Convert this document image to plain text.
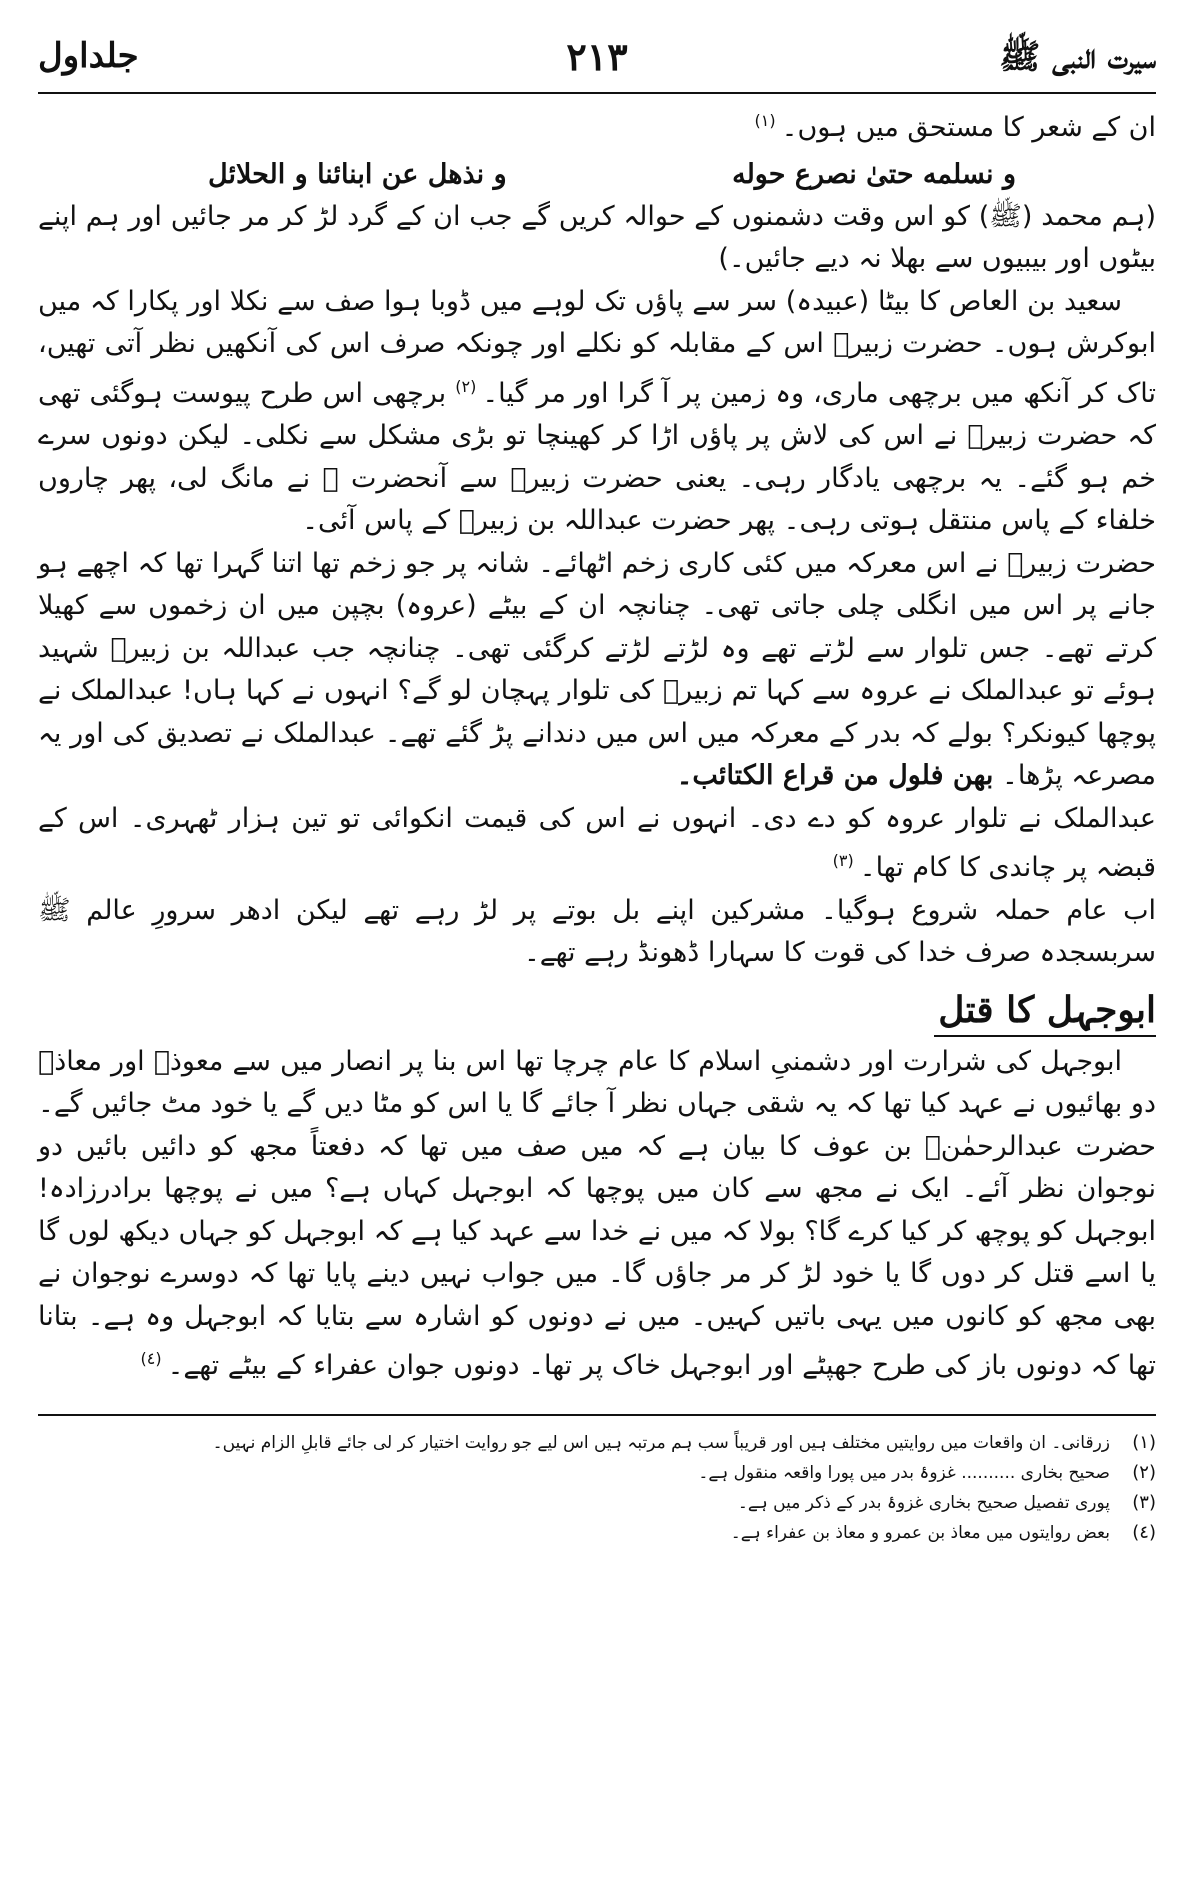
سیرت النبی ﷺ
٢١٣
جلداول

ان کے شعر کا مستحق میں ہوں۔$^{(١)}$

و نسلمه حتیٰ نصرع حوله
و نذهل عن ابنائنا و الحلائل

(ہم محمد (ﷺ) کو اس وقت دشمنوں کے حوالہ کریں گے جب ان کے گرد لڑ کر مر جائیں اور ہم اپنے بیٹوں اور بیبیوں سے بھلا نہ دیے جائیں۔)

سعید بن العاص کا بیٹا (عبیدہ) سر سے پاؤں تک لوہے میں ڈوبا ہوا صف سے نکلا اور پکارا کہ میں ابوکرش ہوں۔ حضرت زبیرؓ اس کے مقابلہ کو نکلے اور چونکہ صرف اس کی آنکھیں نظر آتی تھیں، تاک کر آنکھ میں برچھی ماری، وہ زمین پر آ گرا اور مر گیا۔$^{(٢)}$ برچھی اس طرح پیوست ہوگئی تھی کہ حضرت زبیرؓ نے اس کی لاش پر پاؤں اڑا کر کھینچا تو بڑی مشکل سے نکلی۔ لیکن دونوں سرے خم ہو گئے۔ یہ برچھی یادگار رہی۔ یعنی حضرت زبیرؓ سے آنحضرت ﷺ نے مانگ لی، پھر چاروں خلفاء کے پاس منتقل ہوتی رہی۔ پھر حضرت عبداللہ بن زبیرؓ کے پاس آئی۔

حضرت زبیرؓ نے اس معرکہ میں کئی کاری زخم اٹھائے۔ شانہ پر جو زخم تھا اتنا گہرا تھا کہ اچھے ہو جانے پر اس میں انگلی چلی جاتی تھی۔ چنانچہ ان کے بیٹے (عروہ) بچپن میں ان زخموں سے کھیلا کرتے تھے۔ جس تلوار سے لڑتے تھے وہ لڑتے لڑتے کرگئی تھی۔ چنانچہ جب عبداللہ بن زبیرؓ شہید ہوئے تو عبدالملک نے عروہ سے کہا تم زبیرؓ کی تلوار پہچان لو گے؟ انہوں نے کہا ہاں! عبدالملک نے پوچھا کیونکر؟ بولے کہ بدر کے معرکہ میں اس میں دندانے پڑ گئے تھے۔ عبدالملک نے تصدیق کی اور یہ مصرعہ پڑھا۔ بھن فلول من قراع الکتائب۔

عبدالملک نے تلوار عروہ کو دے دی۔ انہوں نے اس کی قیمت انکوائی تو تین ہزار ٹھہری۔ اس کے قبضہ پر چاندی کا کام تھا۔$^{(٣)}$

اب عام حملہ شروع ہوگیا۔ مشرکین اپنے بل بوتے پر لڑ رہے تھے لیکن ادھر سرورِ عالم ﷺ سربسجدہ صرف خدا کی قوت کا سہارا ڈھونڈ رہے تھے۔

ابوجہل کا قتل

ابوجہل کی شرارت اور دشمنیِ اسلام کا عام چرچا تھا اس بنا پر انصار میں سے معوذؓ اور معاذؓ دو بھائیوں نے عہد کیا تھا کہ یہ شقی جہاں نظر آ جائے گا یا اس کو مٹا دیں گے یا خود مٹ جائیں گے۔ حضرت عبدالرحمٰنؓ بن عوف کا بیان ہے کہ میں صف میں تھا کہ دفعتاً مجھ کو دائیں بائیں دو نوجوان نظر آئے۔ ایک نے مجھ سے کان میں پوچھا کہ ابوجہل کہاں ہے؟ میں نے پوچھا برادرزادہ! ابوجہل کو پوچھ کر کیا کرے گا؟ بولا کہ میں نے خدا سے عہد کیا ہے کہ ابوجہل کو جہاں دیکھ لوں گا یا اسے قتل کر دوں گا یا خود لڑ کر مر جاؤں گا۔ میں جواب نہیں دینے پایا تھا کہ دوسرے نوجوان نے بھی مجھ کو کانوں میں یہی باتیں کہیں۔ میں نے دونوں کو اشارہ سے بتایا کہ ابوجہل وہ ہے۔ بتانا تھا کہ دونوں باز کی طرح جھپٹے اور ابوجہل خاک پر تھا۔ دونوں جوان عفراء کے بیٹے تھے۔$^{(٤)}$

(١)
زرقانی۔ ان واقعات میں روایتیں مختلف ہیں اور قریباً سب ہم مرتبہ ہیں اس لیے جو روایت اختیار کر لی جائے قابلِ الزام نہیں۔
(٢)
صحیح بخاری .......... غزوۂ بدر میں پورا واقعہ منقول ہے۔
(٣)
پوری تفصیل صحیح بخاری غزوۂ بدر کے ذکر میں ہے۔
(٤)
بعض روایتوں میں معاذ بن عمرو و معاذ بن عفراء ہے۔
